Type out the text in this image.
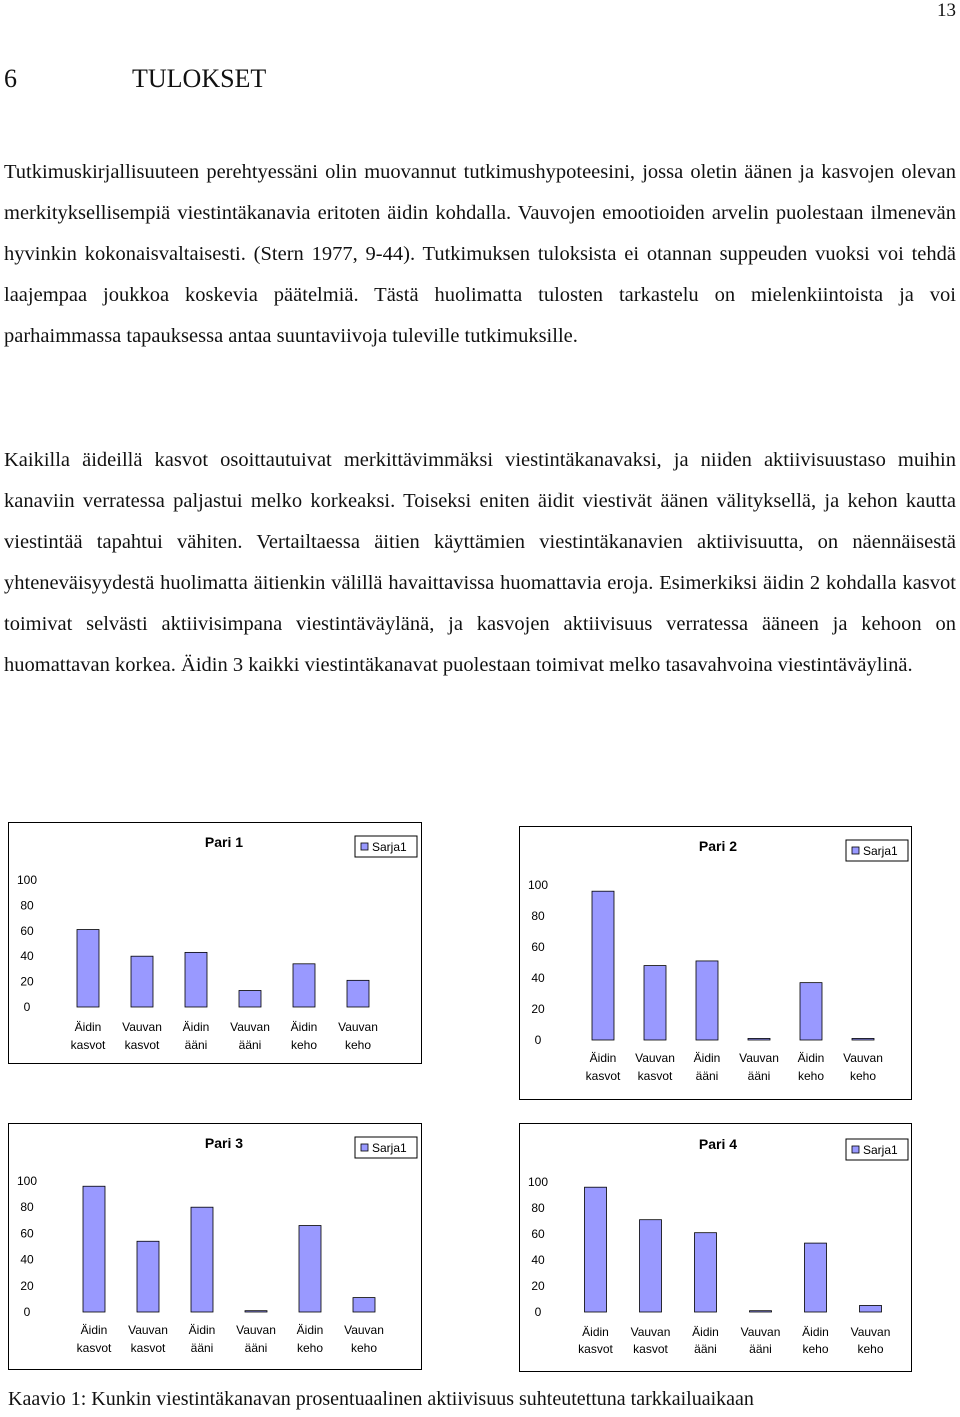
13
6	TULOKSET

Tutkimuskirjallisuuteen perehtyessäni olin muovannut tutkimushypoteesini, jossa oletin äänen ja kasvojen olevan merkityksellisempiä viestintäkanavia eritoten äidin kohdalla. Vauvojen emootioiden arvelin puolestaan ilmenevän hyvinkin kokonaisvaltaisesti. (Stern 1977, 9-44). Tutkimuksen tuloksista ei otannan suppeuden vuoksi voi tehdä laajempaa joukkoa koskevia päätelmiä. Tästä huolimatta tulosten tarkastelu on mielenkiintoista ja voi parhaimmassa tapauksessa antaa suuntaviivoja tuleville tutkimuksille.

Kaikilla äideillä kasvot osoittautuivat merkittävimmäksi viestintäkanavaksi, ja niiden aktiivisuustaso muihin kanaviin verratessa paljastui melko korkeaksi. Toiseksi eniten äidit viestivät äänen välityksellä, ja kehon kautta viestintää tapahtui vähiten. Vertailtaessa äitien käyttämien viestintäkanavien aktiivisuutta, on näennäisestä yhteneväisyydestä huolimatta äitienkin välillä havaittavissa huomattavia eroja. Esimerkiksi äidin 2 kohdalla kasvot toimivat selvästi aktiivisimpana viestintäväylänä, ja kasvojen aktiivisuus verratessa ääneen ja kehoon on huomattavan korkea. Äidin 3 kaikki viestintäkanavat puolestaan toimivat melko tasavahvoina viestintäväylinä.

Pari 1	Sarja1
100
80
60
40
20
0
Äidin
kasvot
Vauvan
kasvot
Äidin
ääni
Vauvan
ääni
Äidin
keho
Vauvan
keho
Pari 2	Sarja1
100
80
60
40
20
0
Äidin
kasvot
Vauvan
kasvot
Äidin
ääni
Vauvan
ääni
Äidin
keho
Vauvan
keho
Pari 3	Sarja1
100
80
60
40
20
0
Äidin
kasvot
Vauvan
kasvot
Äidin
ääni
Vauvan
ääni
Äidin
keho
Vauvan
keho
Pari 4	Sarja1
100
80
60
40
20
0
Äidin
kasvot
Vauvan
kasvot
Äidin
ääni
Vauvan
ääni
Äidin
keho
Vauvan
keho

Kaavio 1: Kunkin viestintäkanavan prosentuaalinen aktiivisuus suhteutettuna tarkkailuaikaan
